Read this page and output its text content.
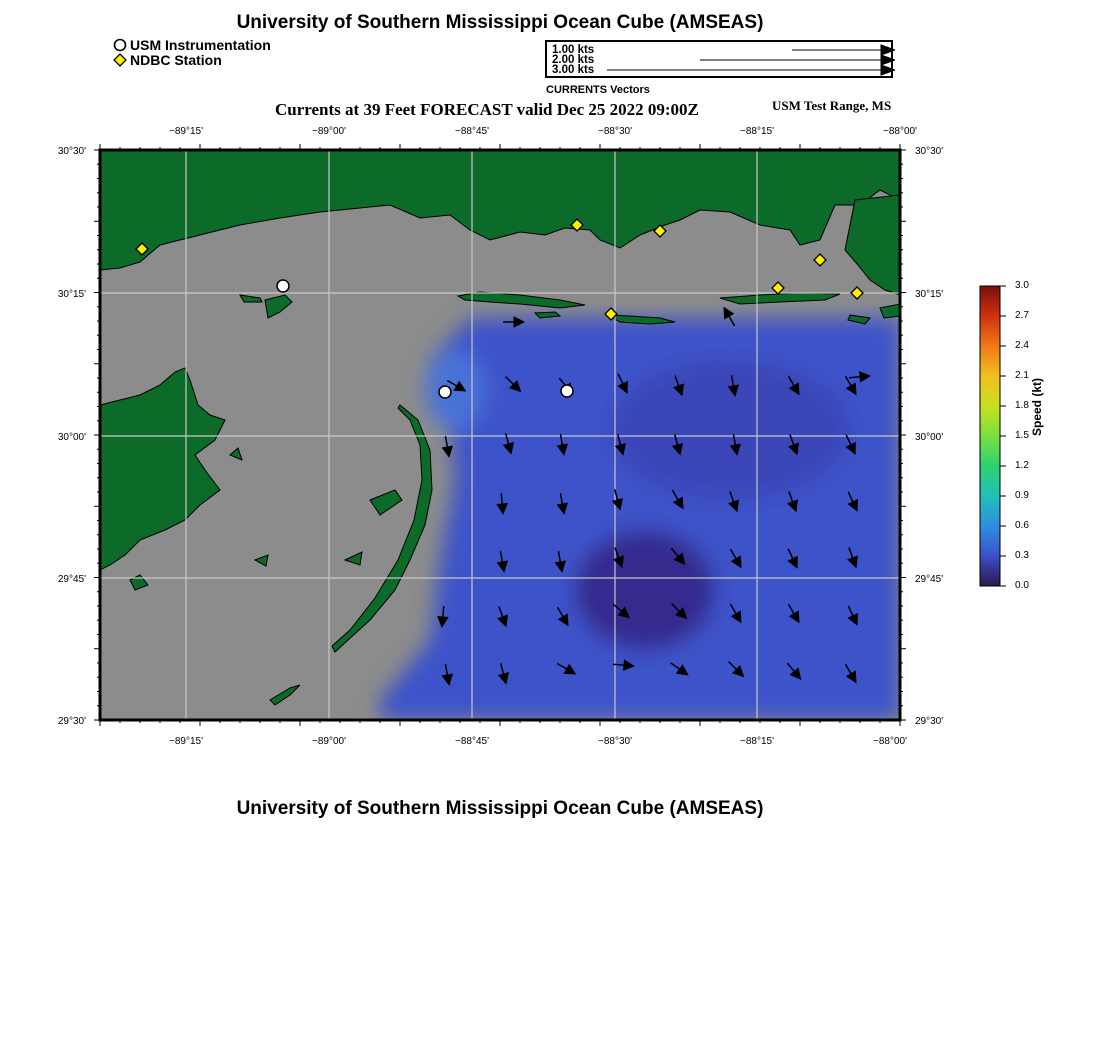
University of Southern Mississippi Ocean Cube (AMSEAS)
USM Instrumentation
NDBC Station
1.00 kts
2.00 kts
3.00 kts
CURRENTS Vectors
Currents at 39 Feet FORECAST valid Dec 25 2022 09:00Z	USM Test Range, MS
−89°15'	−89°00'	−88°45'	−88°30'	−88°15'	−88°00'
−89°15'	−89°00'	−88°45'	−88°30'	−88°15'	−88°00'
30°30'
30°15'
30°00'
29°45'
29°30'
30°30'
30°15'
30°00'
29°45'
29°30'
3.0
2.7
2.4
2.1
1.8
1.5
1.2
0.9
0.6
0.3
0.0
Speed (kt)
University of Southern Mississippi Ocean Cube (AMSEAS)
